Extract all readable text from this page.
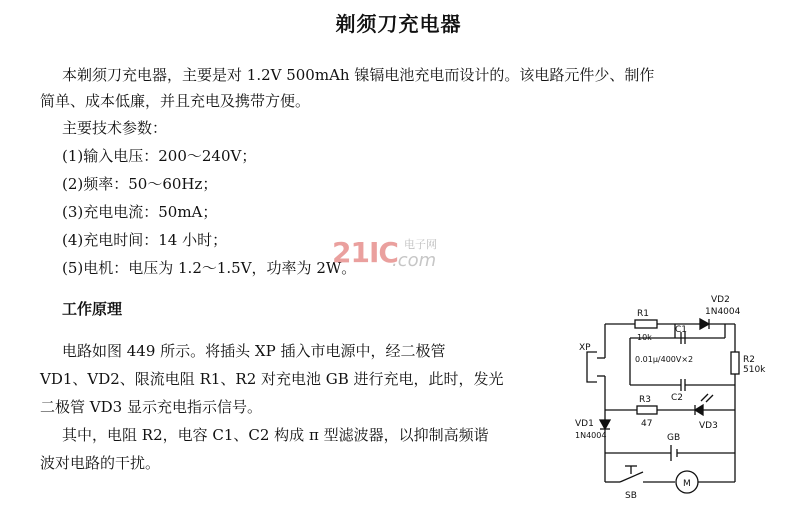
剃须刀充电器
本剃须刀充电器，主要是对 1.2V 500mAh 镍镉电池充电而设计的。该电路元件少、制作
简单、成本低廉，并且充电及携带方便。
主要技术参数：
(1)输入电压：200～240V；
(2)频率：50～60Hz；
(3)充电电流：50mA；
(4)充电时间：14 小时；
(5)电机：电压为 1.2～1.5V，功率为 2W。
工作原理
电路如图 449 所示。将插头 XP 插入市电源中，经二极管
VD1、VD2、限流电阻 R1、R2 对充电池 GB 进行充电，此时，发光
二极管 VD3 显示充电指示信号。
其中，电阻 R2，电容 C1、C2 构成 π 型滤波器，以抑制高频谐
波对电路的干扰。
21IC 电子网
.com
XP
R1
10k
VD2
1N4004
C1
0.01μ/400V×2
C2
R2
510k
R3
47	VD3
VD1
1N4004	GB
SB
M
